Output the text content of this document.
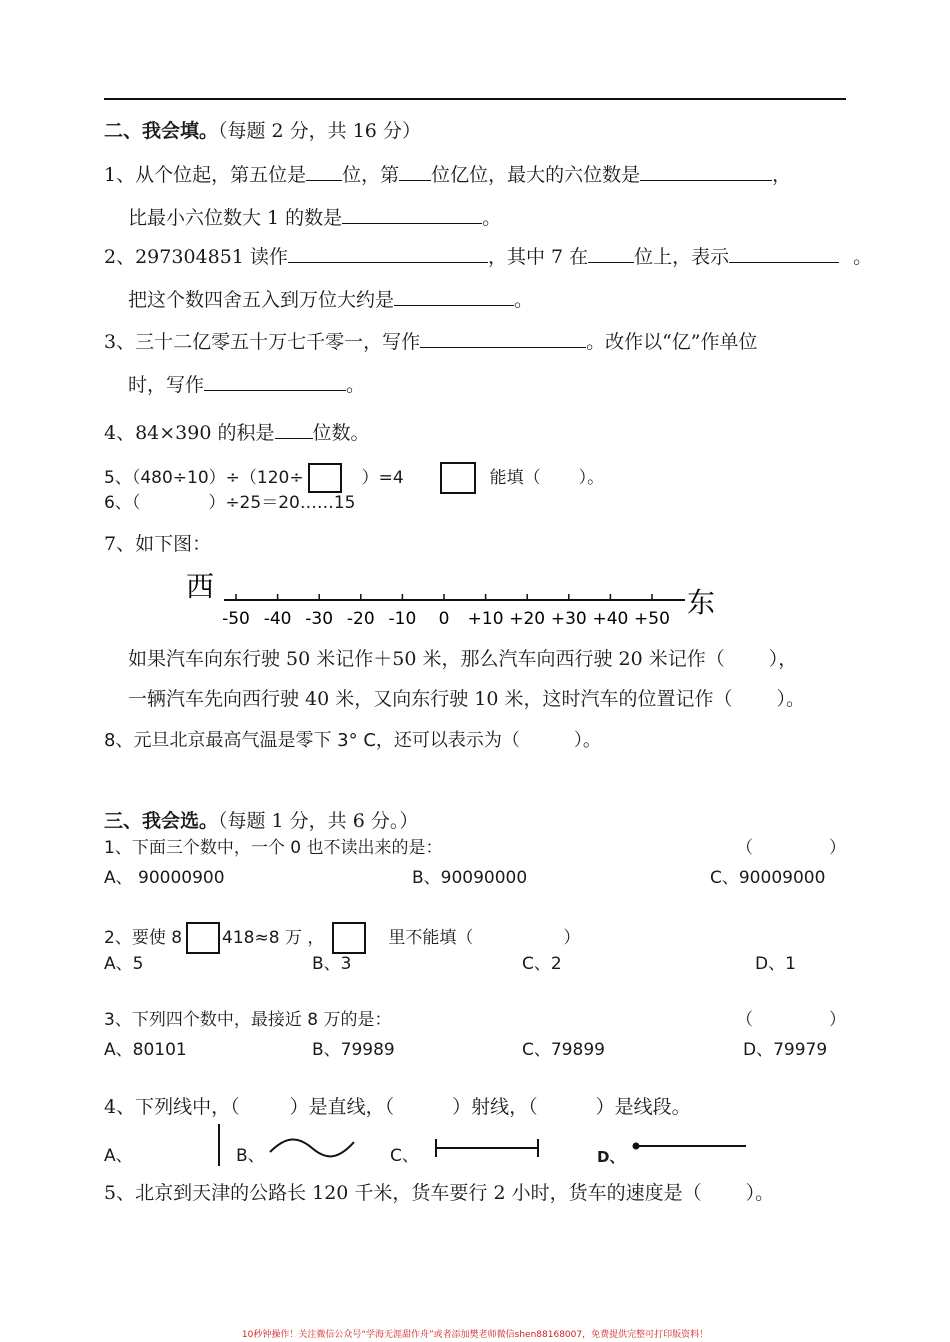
二、我会填。（每题 2 分，共 16 分）
1、从个位起，第五位是 位，第 位亿位，最大的六位数是	，
比最小六位数大 1 的数是	。
2、297304851 读作	，其中 7 在 位上，表示	。
把这个数四舍五入到万位大约是	。
3、三十二亿零五十万七千零一，写作	。改作以“亿”作单位
时，写作	。
4、84×390 的积是 位数。
5、（480÷10）÷（120÷	）=4	能填（ ）。
6、（　　　　）÷25＝20……15
7、如下图：
西	东
-50 -40 -30 -20 -10 0 +10 +20 +30 +40 +50
如果汽车向东行驶 50 米记作＋50 米，那么汽车向西行驶 20 米记作（ ），
一辆汽车先向西行驶 40 米，又向东行驶 10 米，这时汽车的位置记作（ ）。
8、元旦北京最高气温是零下 3° C，还可以表示为（	）。
三、我会选。（每题 1 分，共 6 分。）
1、下面三个数中，一个 0 也不读出来的是：	（	）
A、 90000900	B、90090000	C、90009000
2、要使 8 418≈8 万 ，	里不能填（	）
A、5	B、3	C、2	D、1
3、下列四个数中，最接近 8 万的是：	（	）
A、80101	B、79989	C、79899	D、79979
4、下列线中，（	）是直线，（	）射线，（	）是线段。
A、	B、	C、	D、
5、北京到天津的公路长 120 千米，货车要行 2 小时，货车的速度是（ ）。
10秒钟操作！关注微信公众号“学海无涯甜作舟”或者添加樊老师微信shen88168007，免费提供完整可打印版资料！
